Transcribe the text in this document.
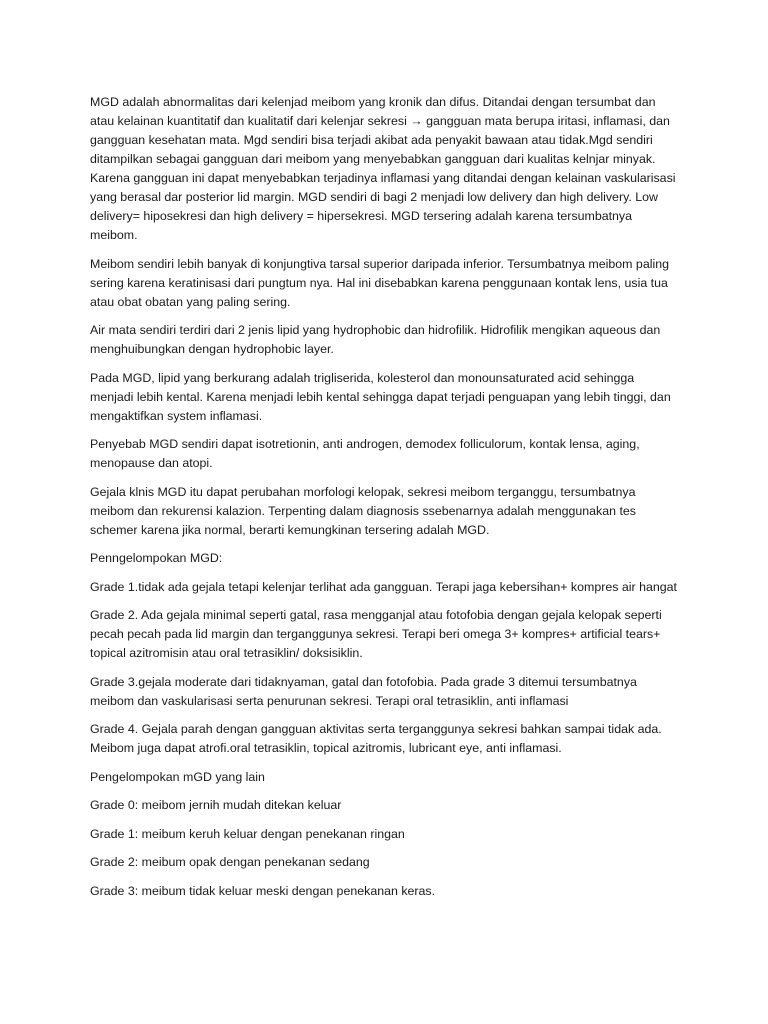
MGD adalah abnormalitas dari kelenjad meibom yang kronik dan difus. Ditandai dengan tersumbat dan atau kelainan kuantitatif dan kualitatif dari kelenjar sekresi → gangguan mata berupa iritasi, inflamasi, dan gangguan kesehatan mata. Mgd sendiri bisa terjadi akibat ada penyakit bawaan atau tidak.Mgd sendiri ditampilkan sebagai gangguan dari meibom yang menyebabkan gangguan dari kualitas kelnjar minyak. Karena gangguan ini dapat menyebabkan terjadinya inflamasi yang ditandai dengan kelainan vaskularisasi yang berasal dar posterior lid margin. MGD sendiri di bagi 2 menjadi low delivery dan high delivery. Low delivery= hiposekresi dan high delivery = hipersekresi. MGD tersering adalah karena tersumbatnya meibom.

Meibom sendiri lebih banyak di konjungtiva tarsal superior daripada inferior. Tersumbatnya meibom paling sering karena keratinisasi dari pungtum nya. Hal ini disebabkan karena penggunaan kontak lens, usia tua atau obat obatan yang paling sering.

Air mata sendiri terdiri dari 2 jenis lipid yang hydrophobic dan hidrofilik. Hidrofilik mengikan aqueous dan menghuibungkan dengan hydrophobic layer.

Pada MGD, lipid yang berkurang adalah trigliserida, kolesterol dan monounsaturated acid sehingga menjadi lebih kental. Karena menjadi lebih kental sehingga dapat terjadi penguapan yang lebih tinggi, dan mengaktifkan system inflamasi.

Penyebab MGD sendiri dapat isotretionin, anti androgen, demodex folliculorum, kontak lensa, aging, menopause dan atopi.

Gejala klnis MGD itu dapat perubahan morfologi kelopak, sekresi meibom terganggu, tersumbatnya meibom dan rekurensi kalazion. Terpenting dalam diagnosis ssebenarnya adalah menggunakan tes schemer karena jika normal, berarti kemungkinan tersering adalah MGD.

Penngelompokan MGD:

Grade 1.tidak ada gejala tetapi kelenjar terlihat ada gangguan. Terapi jaga kebersihan+ kompres air hangat

Grade 2. Ada gejala minimal seperti gatal, rasa mengganjal atau fotofobia dengan gejala kelopak seperti pecah pecah pada lid margin dan terganggunya sekresi. Terapi beri omega 3+ kompres+ artificial tears+ topical azitromisin atau oral tetrasiklin/ doksisiklin.

Grade 3.gejala moderate dari tidaknyaman, gatal dan fotofobia. Pada grade 3 ditemui tersumbatnya meibom dan vaskularisasi serta penurunan sekresi. Terapi oral tetrasiklin, anti inflamasi

Grade 4. Gejala parah dengan gangguan aktivitas serta terganggunya sekresi bahkan sampai tidak ada. Meibom juga dapat atrofi.oral tetrasiklin, topical azitromis, lubricant eye, anti inflamasi.

Pengelompokan mGD yang lain

Grade 0: meibom jernih mudah ditekan keluar

Grade 1: meibum keruh keluar dengan penekanan ringan

Grade 2: meibum opak dengan penekanan sedang

Grade 3: meibum tidak keluar meski dengan penekanan keras.
